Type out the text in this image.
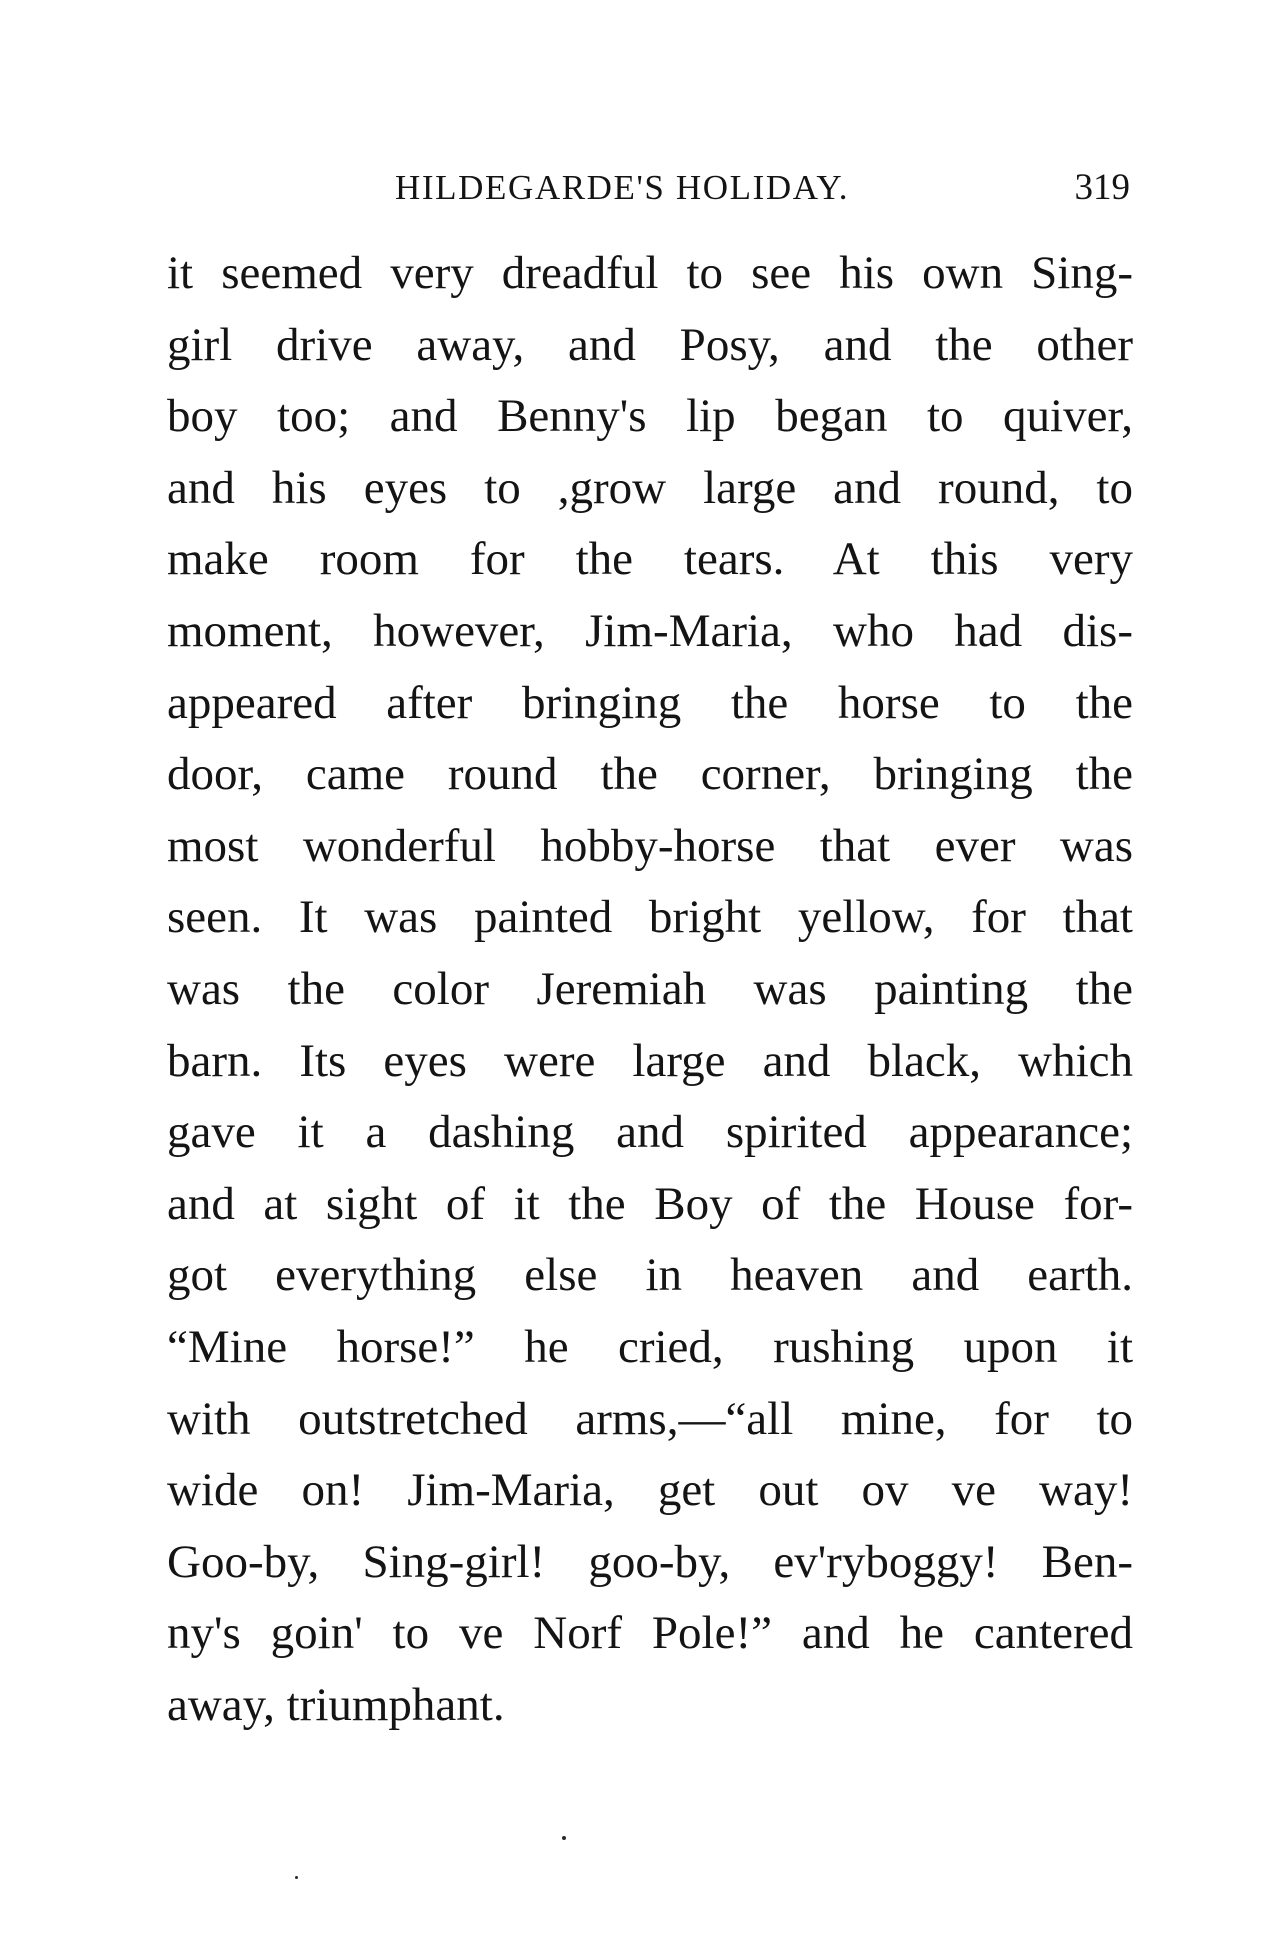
HILDEGARDE'S HOLIDAY.	319
it seemed very dreadful to see his own Sing-
girl drive away, and Posy, and the other
boy too; and Benny's lip began to quiver,
and his eyes to ,grow large and round, to
make room for the tears. At this very
moment, however, Jim-Maria, who had dis-
appeared after bringing the horse to the
door, came round the corner, bringing the
most wonderful hobby-horse that ever was
seen. It was painted bright yellow, for that
was the color Jeremiah was painting the
barn. Its eyes were large and black, which
gave it a dashing and spirited appearance;
and at sight of it the Boy of the House for-
got everything else in heaven and earth.
“Mine horse!” he cried, rushing upon it
with outstretched arms,—“all mine, for to
wide on! Jim-Maria, get out ov ve way!
Goo-by, Sing-girl! goo-by, ev'ryboggy! Ben-
ny's goin' to ve Norf Pole!” and he cantered
away, triumphant.
